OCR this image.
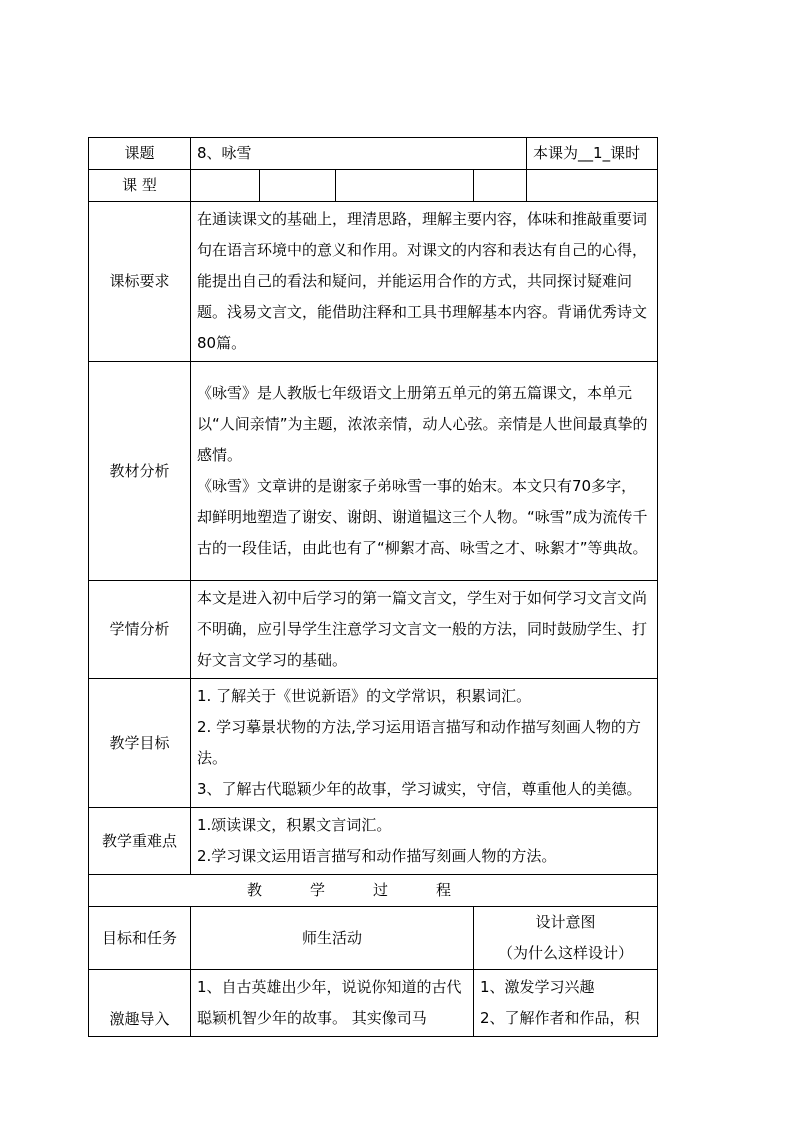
课题	8、咏雪				本课为__1_课时
课 型					
课标要求	在通读课文的基础上，理清思路，理解主要内容，体味和推敲重要词句在语言环境中的意义和作用。对课文的内容和表达有自己的心得，能提出自己的看法和疑问，并能运用合作的方式，共同探讨疑难问题。浅易文言文，能借助注释和工具书理解基本内容。背诵优秀诗文80篇。				

教材分析	《咏雪》是人教版七年级语文上册第五单元的第五篇课文，本单元以“人间亲情”为主题，浓浓亲情，动人心弦。亲情是人世间最真挚的感情。

《咏雪》文章讲的是谢家子弟咏雪一事的始末。本文只有70多字，却鲜明地塑造了谢安、谢朗、谢道韫这三个人物。“咏雪”成为流传千古的一段佳话，由此也有了“柳絮才高、咏雪之才、咏絮才”等典故。				

学情分析	本文是进入初中后学习的第一篇文言文，学生对于如何学习文言文尚不明确，应引导学生注意学习文言文一般的方法，同时鼓励学生、打好文言文学习的基础。				

教学目标	1. 了解关于《世说新语》的文学常识，积累词汇。

2. 学习摹景状物的方法,学习运用语言描写和动作描写刻画人物的方法。

3、了解古代聪颖少年的故事，学习诚实，守信，尊重他人的美德。				

教学重难点	1.颂读课文，积累文言词汇。

2.学习课文运用语言描写和动作描写刻画人物的方法。				

教学过程					
目标和任务	师生活动			设计意图
（为什么这样设计）	

激趣导入	1、自古英雄出少年，说说你知道的古代聪颖机智少年的故事。 其实像司马			1、激发学习兴趣

2、了解作者和作品，积	
